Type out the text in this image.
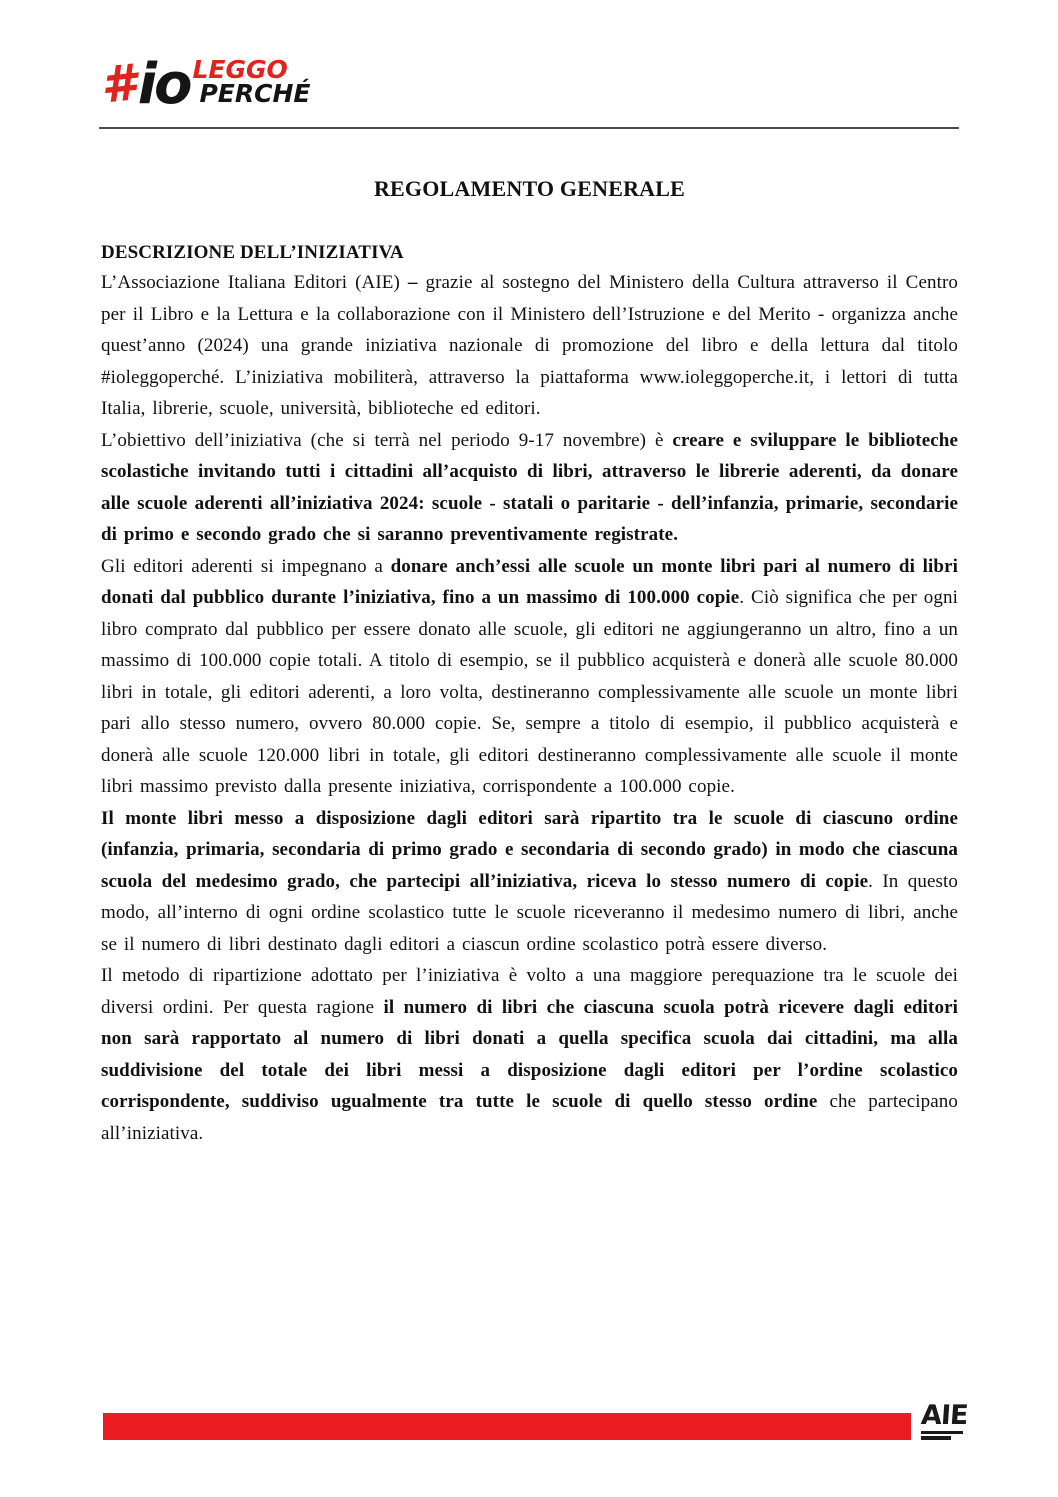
# io LEGGO
PERCHÉ
REGOLAMENTO GENERALE
DESCRIZIONE DELL’INIZIATIVA

L’Associazione Italiana Editori (AIE) – grazie al sostegno del Ministero della Cultura attraverso il Centro per il Libro e la Lettura e la collaborazione con il Ministero dell’Istruzione e del Merito - organizza anche quest’anno (2024) una grande iniziativa nazionale di promozione del libro e della lettura dal titolo #ioleggoperché. L’iniziativa mobiliterà, attraverso la piattaforma www.ioleggoperche.it, i lettori di tutta Italia, librerie, scuole, università, biblioteche ed editori.

L’obiettivo dell’iniziativa (che si terrà nel periodo 9-17 novembre) è creare e sviluppare le biblioteche scolastiche invitando tutti i cittadini all’acquisto di libri, attraverso le librerie aderenti, da donare alle scuole aderenti all’iniziativa 2024: scuole - statali o paritarie - dell’infanzia, primarie, secondarie di primo e secondo grado che si saranno preventivamente registrate.

Gli editori aderenti si impegnano a donare anch’essi alle scuole un monte libri pari al numero di libri donati dal pubblico durante l’iniziativa, fino a un massimo di 100.000 copie. Ciò significa che per ogni libro comprato dal pubblico per essere donato alle scuole, gli editori ne aggiungeranno un altro, fino a un massimo di 100.000 copie totali. A titolo di esempio, se il pubblico acquisterà e donerà alle scuole 80.000 libri in totale, gli editori aderenti, a loro volta, destineranno complessivamente alle scuole un monte libri pari allo stesso numero, ovvero 80.000 copie. Se, sempre a titolo di esempio, il pubblico acquisterà e donerà alle scuole 120.000 libri in totale, gli editori destineranno complessivamente alle scuole il monte libri massimo previsto dalla presente iniziativa, corrispondente a 100.000 copie.

Il monte libri messo a disposizione dagli editori sarà ripartito tra le scuole di ciascuno ordine (infanzia, primaria, secondaria di primo grado e secondaria di secondo grado) in modo che ciascuna scuola del medesimo grado, che partecipi all’iniziativa, riceva lo stesso numero di copie. In questo modo, all’interno di ogni ordine scolastico tutte le scuole riceveranno il medesimo numero di libri, anche se il numero di libri destinato dagli editori a ciascun ordine scolastico potrà essere diverso.

Il metodo di ripartizione adottato per l’iniziativa è volto a una maggiore perequazione tra le scuole dei diversi ordini. Per questa ragione il numero di libri che ciascuna scuola potrà ricevere dagli editori non sarà rapportato al numero di libri donati a quella specifica scuola dai cittadini, ma alla suddivisione del totale dei libri messi a disposizione dagli editori per l’ordine scolastico corrispondente, suddiviso ugualmente tra tutte le scuole di quello stesso ordine che partecipano all’iniziativa.

AIE
